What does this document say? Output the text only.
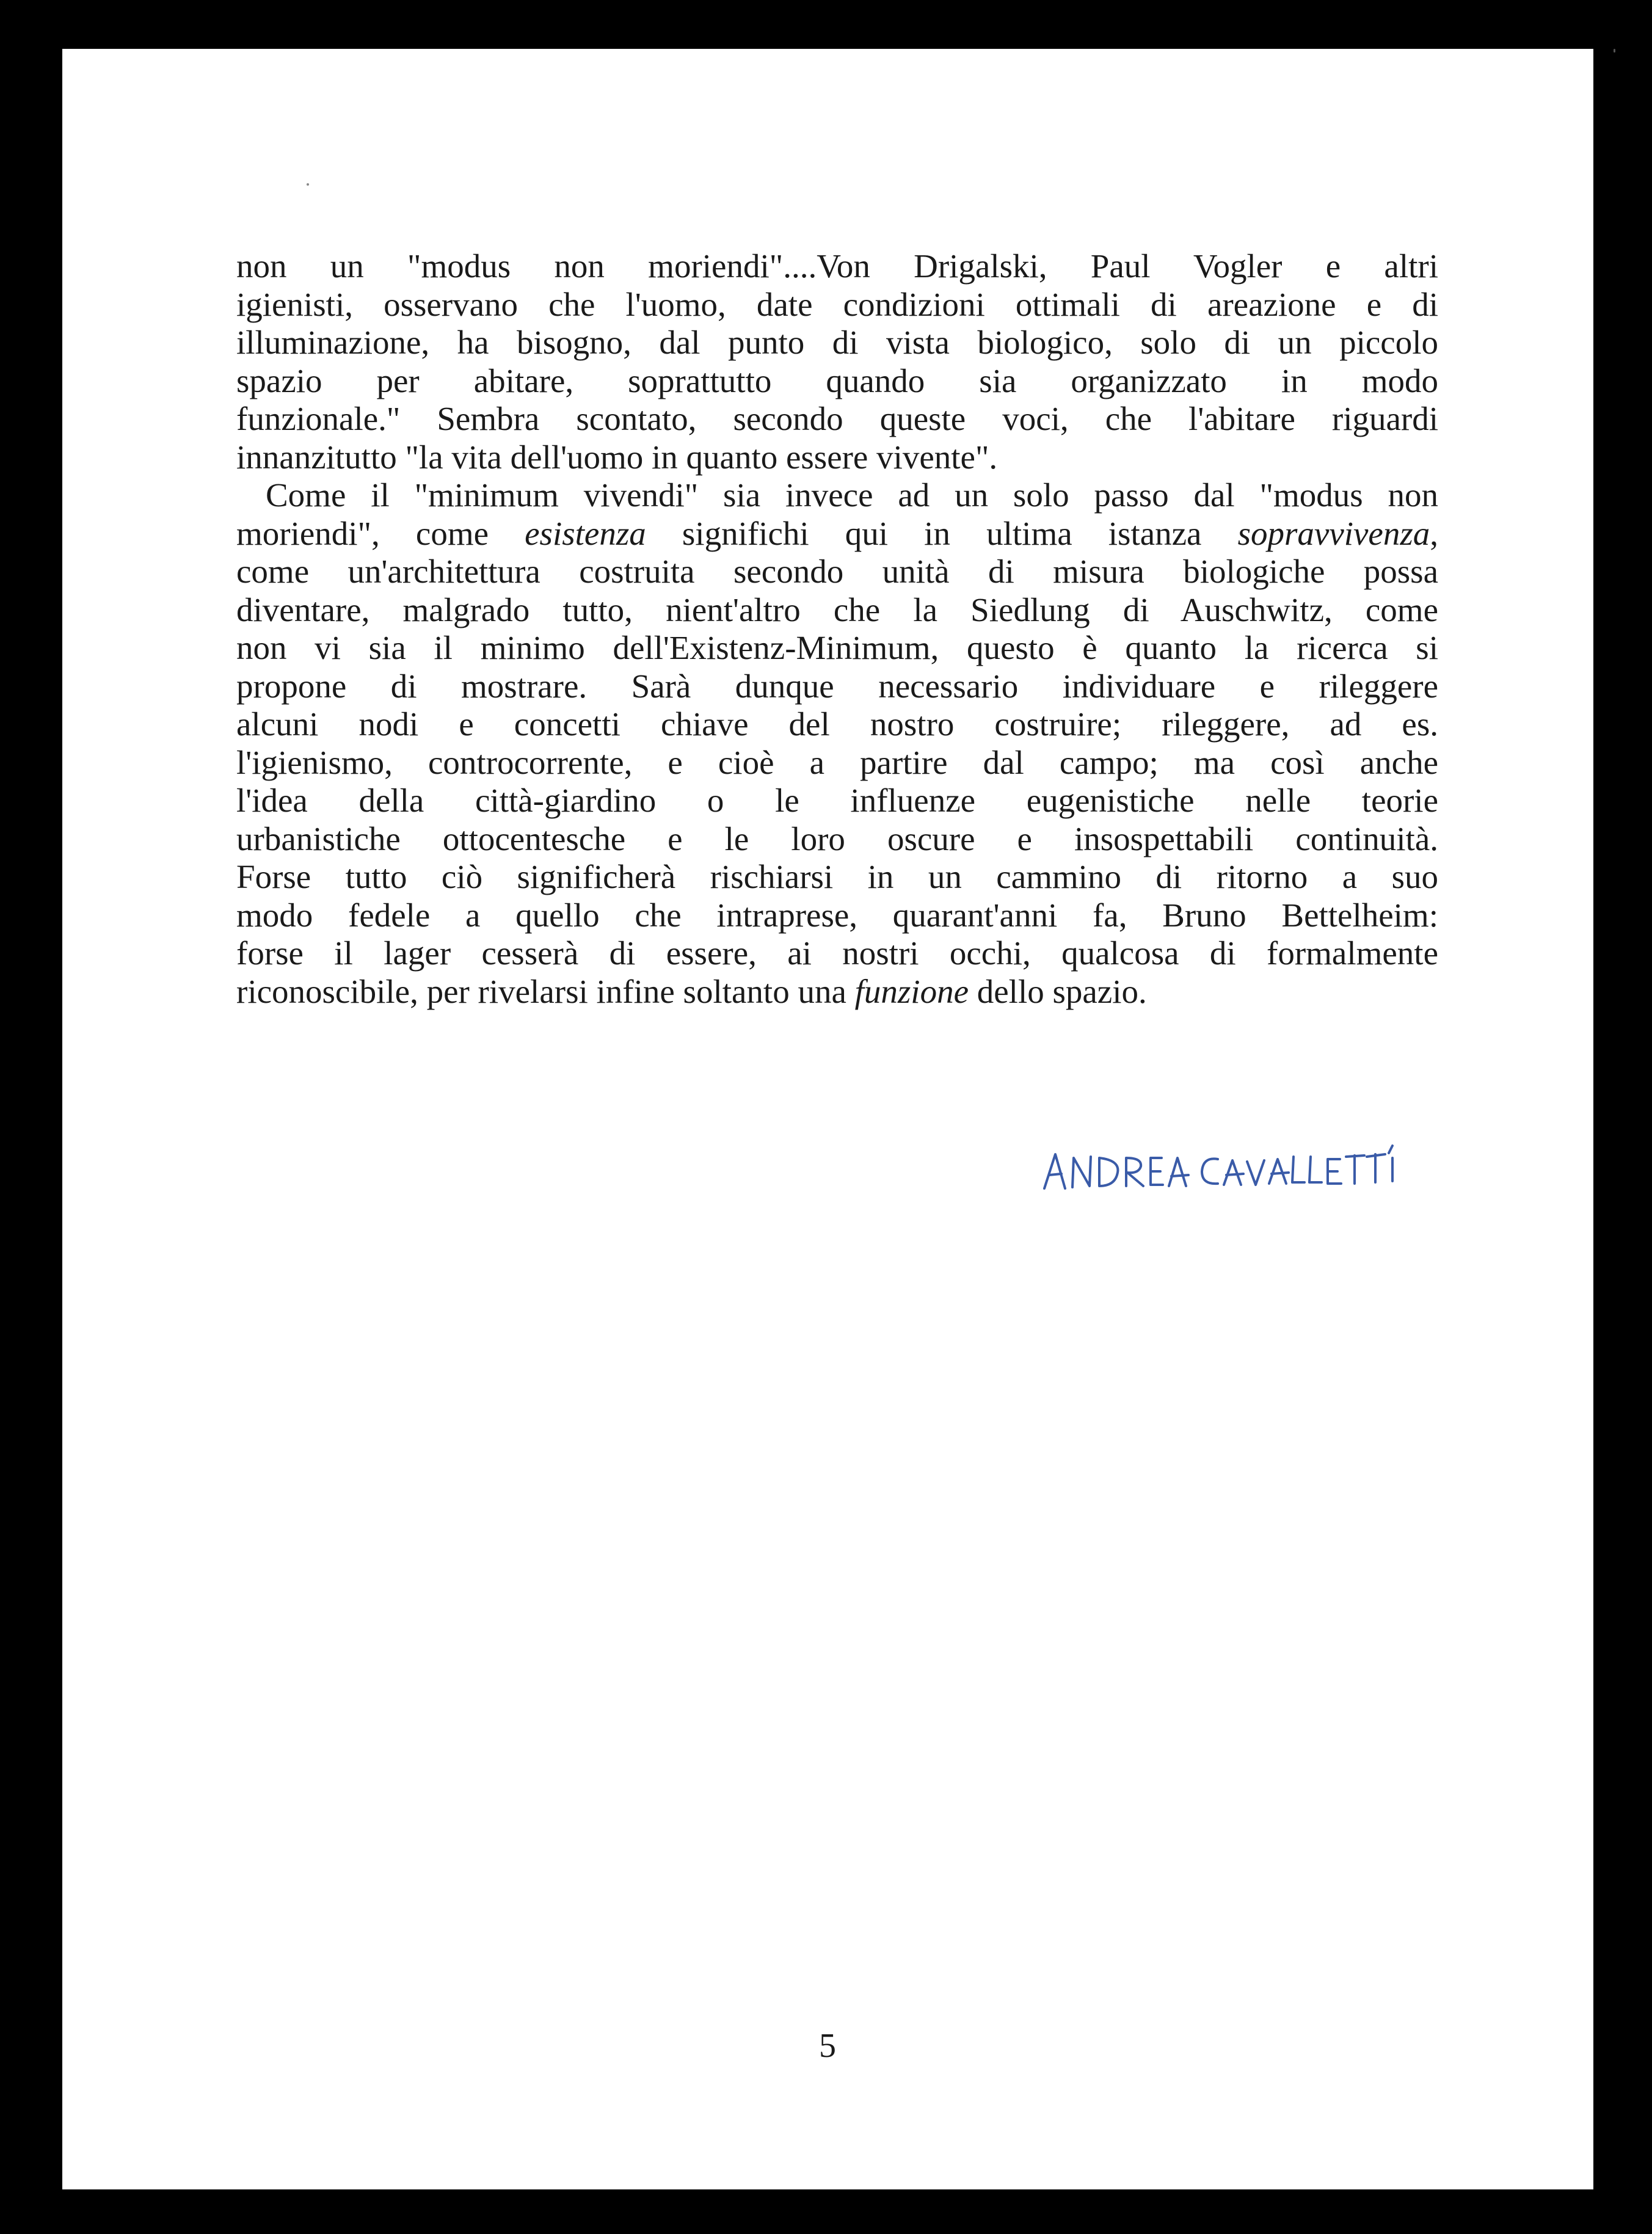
non un "modus non moriendi"....Von Drigalski, Paul Vogler e altri
igienisti, osservano che l'uomo, date condizioni ottimali di areazione e di
illuminazione, ha bisogno, dal punto di vista biologico, solo di un piccolo
spazio per abitare, soprattutto quando sia organizzato in modo
funzionale." Sembra scontato, secondo queste voci, che l'abitare riguardi
innanzitutto "la vita dell'uomo in quanto essere vivente".
Come il "minimum vivendi" sia invece ad un solo passo dal "modus non
moriendi", come esistenza significhi qui in ultima istanza sopravvivenza,
come un'architettura costruita secondo unità di misura biologiche possa
diventare, malgrado tutto, nient'altro che la Siedlung di Auschwitz, come
non vi sia il minimo dell'Existenz-Minimum, questo è quanto la ricerca si
propone di mostrare. Sarà dunque necessario individuare e rileggere
alcuni nodi e concetti chiave del nostro costruire; rileggere, ad es.
l'igienismo, controcorrente, e cioè a partire dal campo; ma così anche
l'idea della città-giardino o le influenze eugenistiche nelle teorie
urbanistiche ottocentesche e le loro oscure e insospettabili continuità.
Forse tutto ciò significherà rischiarsi in un cammino di ritorno a suo
modo fedele a quello che intraprese, quarant'anni fa, Bruno Bettelheim:
forse il lager cesserà di essere, ai nostri occhi, qualcosa di formalmente
riconoscibile, per rivelarsi infine soltanto una funzione dello spazio.
5
